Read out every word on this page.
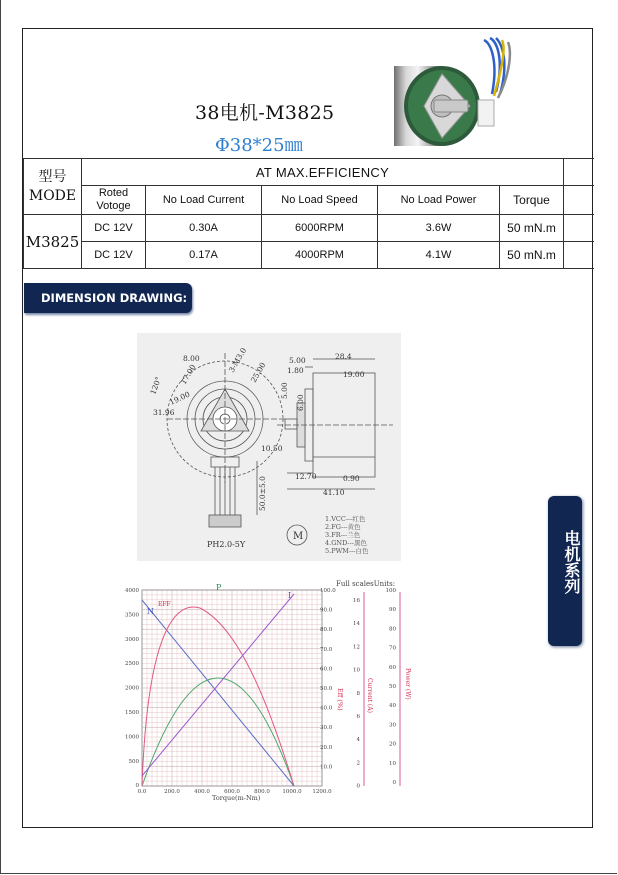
38电机-M3825
Φ38*25㎜
型号
MODE	AT MAX.EFFICIENCY					
	Roted Votoge	No Load Current	No Load Speed	No Load Power	Torque	
M3825	DC 12V	0.30A	6000RPM	3.6W	50 mN.m	
	DC 12V	0.17A	4000RPM	4.1W	50 mN.m	
DIMENSION DRAWING:
电机系列
8.00	3-M3.0 25.00
17.00
120°
19.00
31.96
5.00	28.4
1.80	19.00
5.00
6.00
10.50
12.70	0.90
41.10
50.0±5.0
PH2.0-5Y
M
1.VCC---红色
2.FG---黄色
3.FR---兰色
4.GND---黑色
5.PWM---白色
P
N
EFF
I
Full scalesUnits:
Torque(m-Nm)
Eff (%)	Current (A)	Power (W)
4000
3500
3000
2500
2000
1500
1000
500
0
100.0
90.0
80.0
70.0
60.0
50.0
40.0
30.0
20.0
10.0
0.0	200.0	400.0	600.0	800.0 1000.0 1200.0
16
14
12
10
8
6
4
2
0
100
90
80
70
60
50
40
30
20
10
0
